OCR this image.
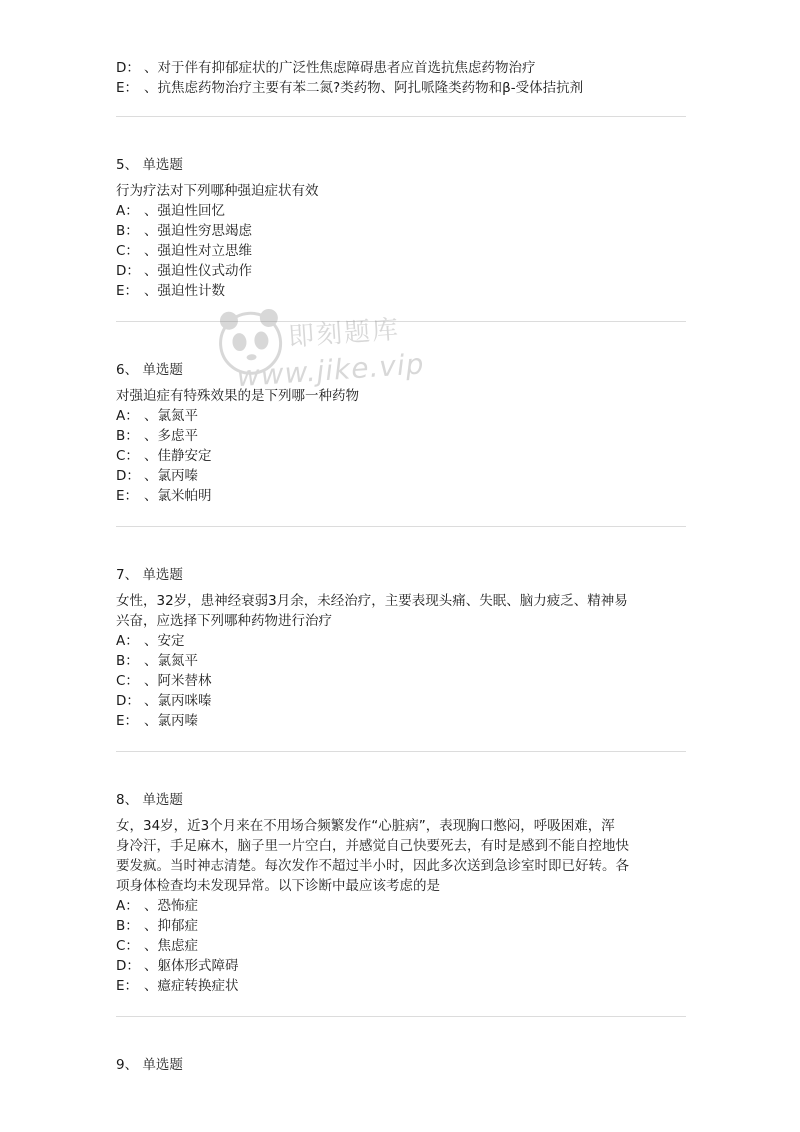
D： 、对于伴有抑郁症状的广泛性焦虑障碍患者应首选抗焦虑药物治疗
E： 、抗焦虑药物治疗主要有苯二氮?类药物、阿扎哌隆类药物和β-受体拮抗剂
5、 单选题
行为疗法对下列哪种强迫症状有效
A： 、强迫性回忆
B： 、强迫性穷思竭虑
C： 、强迫性对立思维
D： 、强迫性仪式动作
E： 、强迫性计数
6、 单选题
对强迫症有特殊效果的是下列哪一种药物
A： 、氯氮平
B： 、多虑平
C： 、佳静安定
D： 、氯丙嗪
E： 、氯米帕明
7、 单选题
女性，32岁，患神经衰弱3月余，未经治疗，主要表现头痛、失眠、脑力疲乏、精神易
兴奋，应选择下列哪种药物进行治疗
A： 、安定
B： 、氯氮平
C： 、阿米替林
D： 、氯丙咪嗪
E： 、氯丙嗪
8、 单选题
女，34岁，近3个月来在不用场合频繁发作“心脏病”，表现胸口憋闷，呼吸困难，浑
身冷汗，手足麻木，脑子里一片空白，并感觉自己快要死去，有时是感到不能自控地快
要发疯。当时神志清楚。每次发作不超过半小时，因此多次送到急诊室时即已好转。各
项身体检查均未发现异常。以下诊断中最应该考虑的是
A： 、恐怖症
B： 、抑郁症
C： 、焦虑症
D： 、躯体形式障碍
E： 、癔症转换症状
9、 单选题
即刻题库
www.jike.vip
